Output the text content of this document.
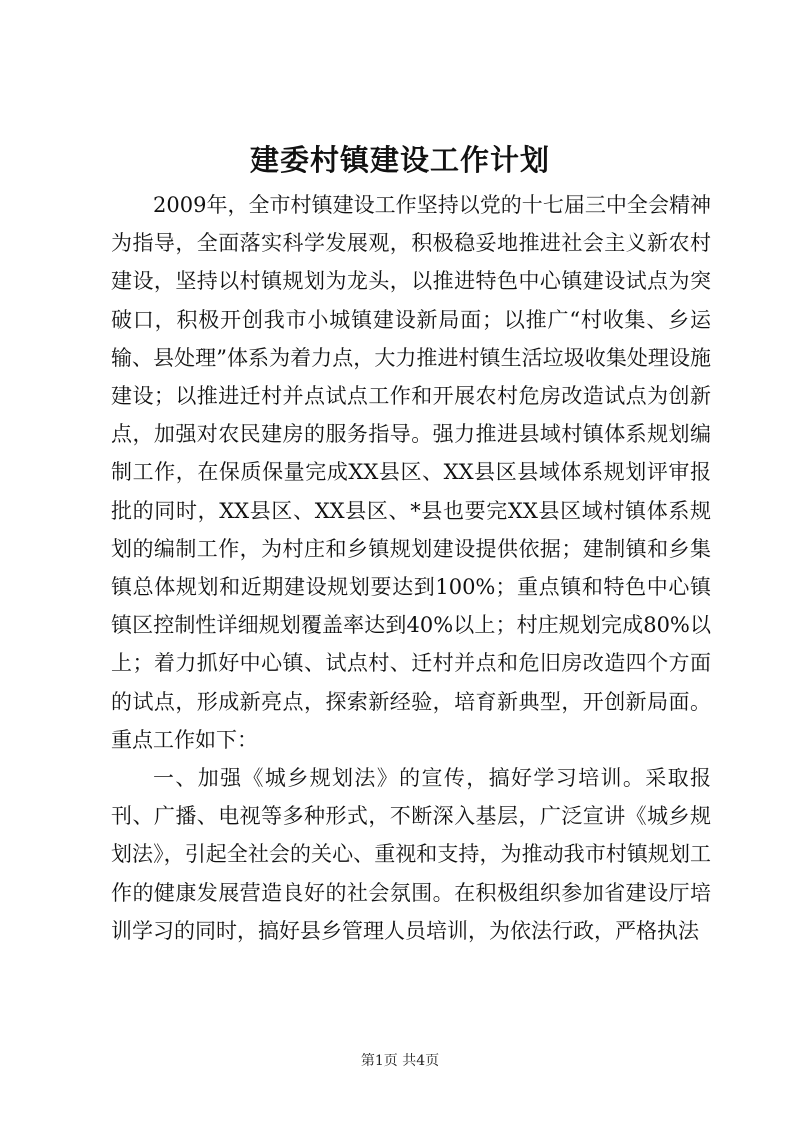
建委村镇建设工作计划

2009年，全市村镇建设工作坚持以党的十七届三中全会精神为指导，全面落实科学发展观，积极稳妥地推进社会主义新农村建设，坚持以村镇规划为龙头，以推进特色中心镇建设试点为突破口，积极开创我市小城镇建设新局面；以推广“村收集、乡运输、县处理”体系为着力点，大力推进村镇生活垃圾收集处理设施建设；以推进迁村并点试点工作和开展农村危房改造试点为创新点，加强对农民建房的服务指导。强力推进县域村镇体系规划编制工作，在保质保量完成XX县区、XX县区县域体系规划评审报批的同时，XX县区、XX县区、*县也要完XX县区域村镇体系规划的编制工作，为村庄和乡镇规划建设提供依据；建制镇和乡集镇总体规划和近期建设规划要达到100%；重点镇和特色中心镇镇区控制性详细规划覆盖率达到40%以上；村庄规划完成80%以上；着力抓好中心镇、试点村、迁村并点和危旧房改造四个方面的试点，形成新亮点，探索新经验，培育新典型，开创新局面。重点工作如下：

一、加强《城乡规划法》的宣传，搞好学习培训。采取报刊、广播、电视等多种形式，不断深入基层，广泛宣讲《城乡规划法》，引起全社会的关心、重视和支持，为推动我市村镇规划工作的健康发展营造良好的社会氛围。在积极组织参加省建设厅培训学习的同时，搞好县乡管理人员培训，为依法行政，严格执法

第1页 共4页
